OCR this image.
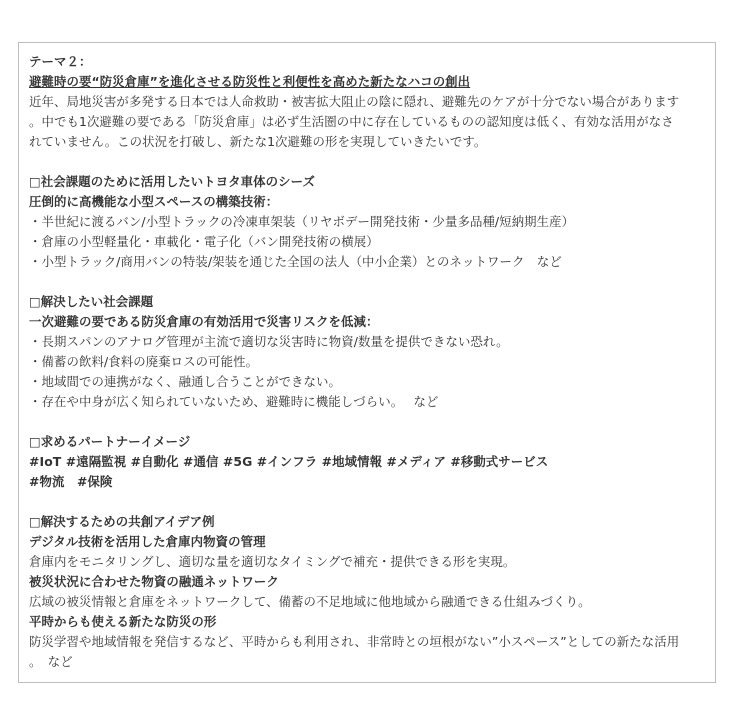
テーマ２：
避難時の要“防災倉庫”を進化させる防災性と利便性を高めた新たなハコの創出
近年、局地災害が多発する日本では人命救助・被害拡大阻止の陰に隠れ、避難先のケアが十分でない場合があります
。中でも1次避難の要である「防災倉庫」は必ず生活圏の中に存在しているものの認知度は低く、有効な活用がなさ
れていません。この状況を打破し、新たな1次避難の形を実現していきたいです。
□社会課題のために活用したいトヨタ車体のシーズ
圧倒的に高機能な小型スペースの構築技術：
・半世紀に渡るバン/小型トラックの冷凍車架装（リヤボデー開発技術・少量多品種/短納期生産）
・倉庫の小型軽量化・車載化・電子化（バン開発技術の横展）
・小型トラック/商用バンの特装/架装を通じた全国の法人（中小企業）とのネットワーク　など
□解決したい社会課題
一次避難の要である防災倉庫の有効活用で災害リスクを低減：
・長期スパンのアナログ管理が主流で適切な災害時に物資/数量を提供できない恐れ。
・備蓄の飲料/食料の廃棄ロスの可能性。
・地域間での連携がなく、融通し合うことができない。
・存在や中身が広く知られていないため、避難時に機能しづらい。　 など
□求めるパートナーイメージ
#IoT #遠隔監視 #自動化 #通信 #5G #インフラ #地域情報 #メディア #移動式サービス
#物流　#保険
□解決するための共創アイデア例
デジタル技術を活用した倉庫内物資の管理
倉庫内をモニタリングし、適切な量を適切なタイミングで補充・提供できる形を実現。
被災状況に合わせた物資の融通ネットワーク
広域の被災情報と倉庫をネットワークして、備蓄の不足地域に他地域から融通できる仕組みづくり。
平時からも使える新たな防災の形
防災学習や地域情報を発信するなど、平時からも利用され、非常時との垣根がない”小スペース”としての新たな活用
。　など
